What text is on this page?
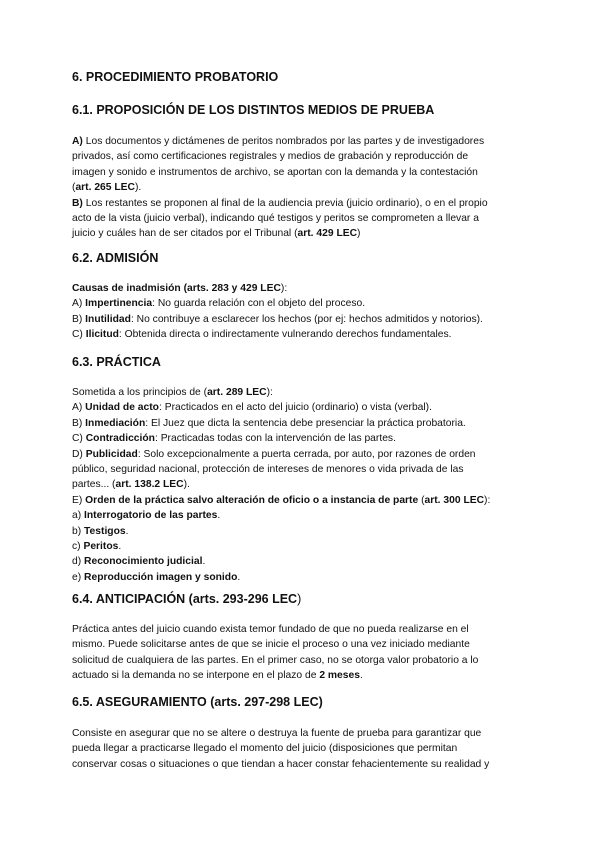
6. PROCEDIMIENTO PROBATORIO
6.1. PROPOSICIÓN DE LOS DISTINTOS MEDIOS DE PRUEBA
A) Los documentos y dictámenes de peritos nombrados por las partes y de investigadores
privados, así como certificaciones registrales y medios de grabación y reproducción de
imagen y sonido e instrumentos de archivo, se aportan con la demanda y la contestación
(art. 265 LEC).
B) Los restantes se proponen al final de la audiencia previa (juicio ordinario), o en el propio
acto de la vista (juicio verbal), indicando qué testigos y peritos se comprometen a llevar a
juicio y cuáles han de ser citados por el Tribunal (art. 429 LEC)
6.2. ADMISIÓN
Causas de inadmisión (arts. 283 y 429 LEC):
A) Impertinencia: No guarda relación con el objeto del proceso.
B) Inutilidad: No contribuye a esclarecer los hechos (por ej: hechos admitidos y notorios).
C) Ilicitud: Obtenida directa o indirectamente vulnerando derechos fundamentales.
6.3. PRÁCTICA
Sometida a los principios de (art. 289 LEC):
A) Unidad de acto: Practicados en el acto del juicio (ordinario) o vista (verbal).
B) Inmediación: El Juez que dicta la sentencia debe presenciar la práctica probatoria.
C) Contradicción: Practicadas todas con la intervención de las partes.
D) Publicidad: Solo excepcionalmente a puerta cerrada, por auto, por razones de orden
público, seguridad nacional, protección de intereses de menores o vida privada de las
partes... (art. 138.2 LEC).
E) Orden de la práctica salvo alteración de oficio o a instancia de parte (art. 300 LEC):
a) Interrogatorio de las partes.
b) Testigos.
c) Peritos.
d) Reconocimiento judicial.
e) Reproducción imagen y sonido.
6.4. ANTICIPACIÓN (arts. 293-296 LEC)
Práctica antes del juicio cuando exista temor fundado de que no pueda realizarse en el
mismo. Puede solicitarse antes de que se inicie el proceso o una vez iniciado mediante
solicitud de cualquiera de las partes. En el primer caso, no se otorga valor probatorio a lo
actuado si la demanda no se interpone en el plazo de 2 meses.
6.5. ASEGURAMIENTO (arts. 297-298 LEC)
Consiste en asegurar que no se altere o destruya la fuente de prueba para garantizar que
pueda llegar a practicarse llegado el momento del juicio (disposiciones que permitan
conservar cosas o situaciones o que tiendan a hacer constar fehacientemente su realidad y
